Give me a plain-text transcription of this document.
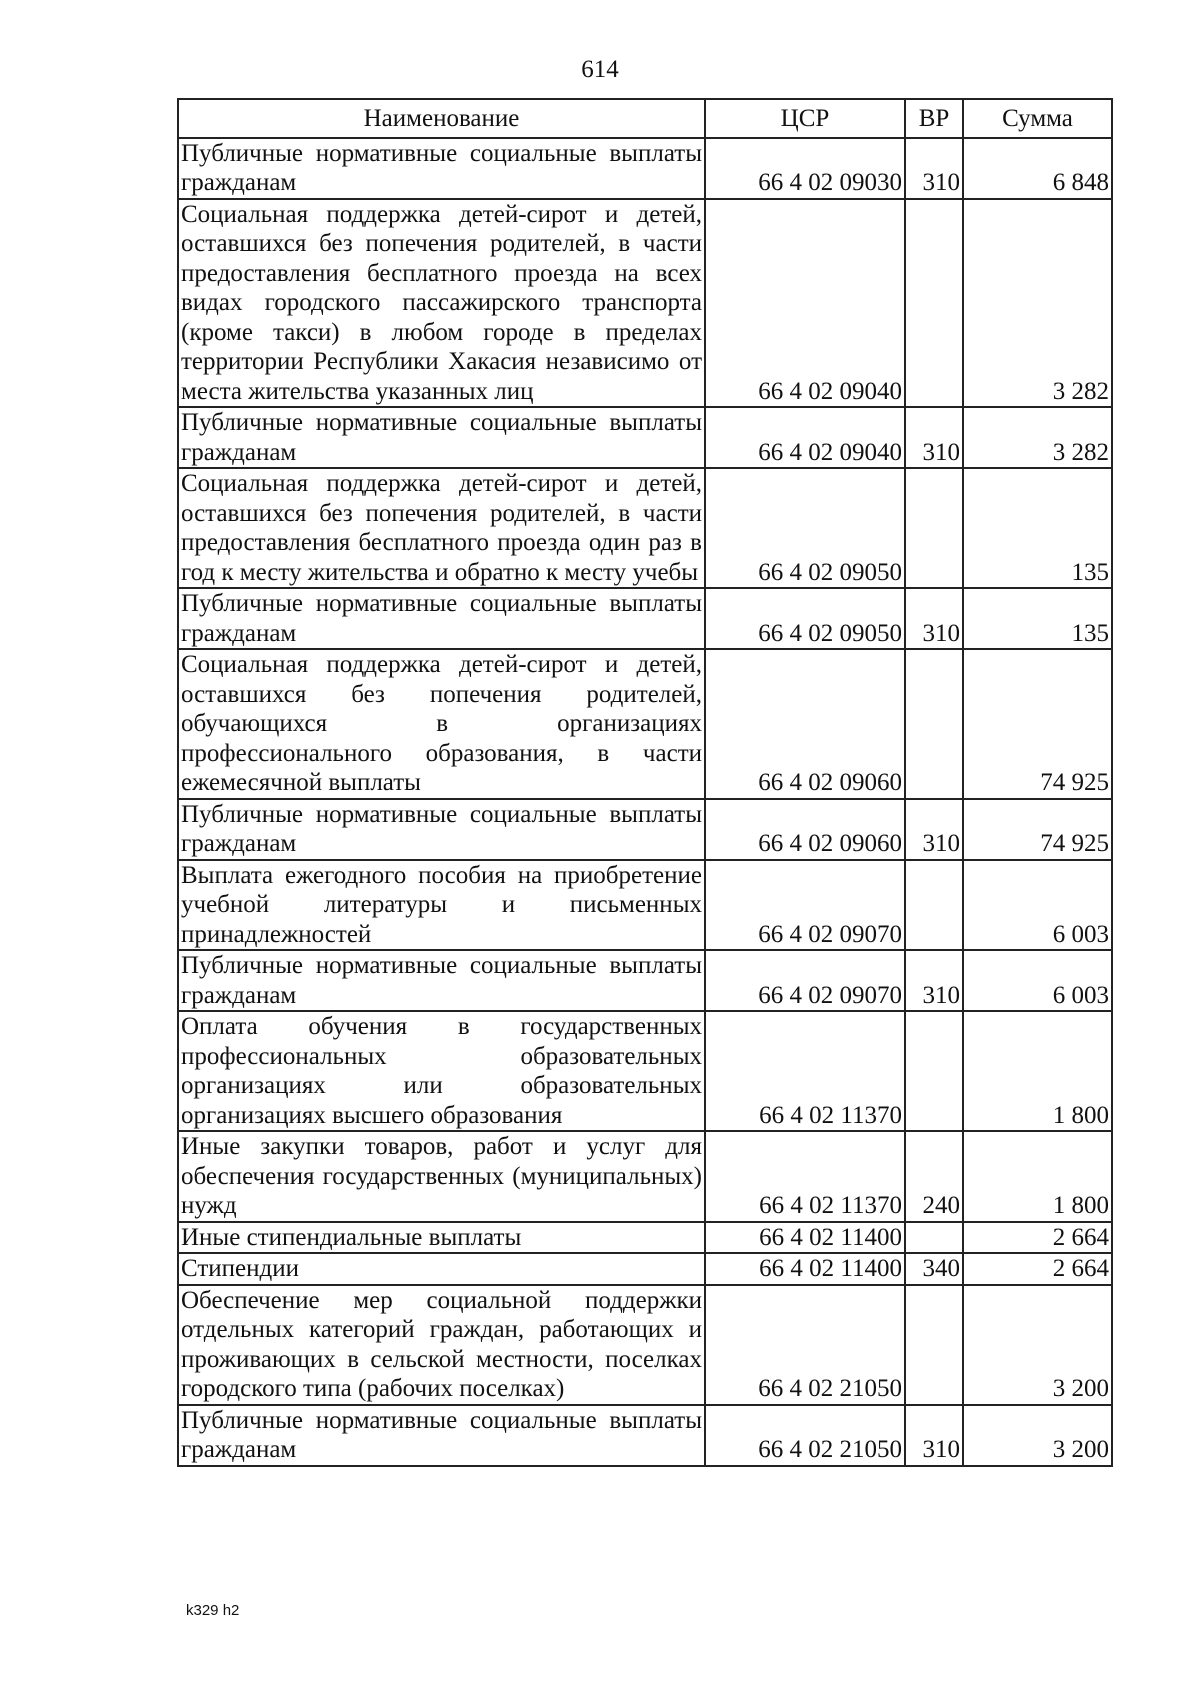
614
Наименование	ЦСР	ВР	Сумма
Публичные нормативные социальные выплаты гражданам	66 4 02 09030	310	6 848
Социальная поддержка детей-сирот и детей, оставшихся без попечения родителей, в части предоставления бесплатного проезда на всех видах городского пассажирского транспорта (кроме такси) в любом городе в пределах территории Республики Хакасия независимо от места жительства указанных лиц	66 4 02 09040		3 282
Публичные нормативные социальные выплаты гражданам	66 4 02 09040	310	3 282
Социальная поддержка детей-сирот и детей, оставшихся без попечения родителей, в части предоставления бесплатного проезда один раз в год к месту жительства и обратно к месту учебы	66 4 02 09050		135
Публичные нормативные социальные выплаты гражданам	66 4 02 09050	310	135
Социальная поддержка детей-сирот и детей, оставшихся без попечения родителей, обучающихся в организациях профессионального образования, в части ежемесячной выплаты	66 4 02 09060		74 925
Публичные нормативные социальные выплаты гражданам	66 4 02 09060	310	74 925
Выплата ежегодного пособия на приобретение учебной литературы и письменных принадлежностей	66 4 02 09070		6 003
Публичные нормативные социальные выплаты гражданам	66 4 02 09070	310	6 003
Оплата обучения в государственных профессиональных образовательных организациях или образовательных организациях высшего образования	66 4 02 11370		1 800
Иные закупки товаров, работ и услуг для обеспечения государственных (муниципальных) нужд	66 4 02 11370	240	1 800
Иные стипендиальные выплаты	66 4 02 11400		2 664
Стипендии	66 4 02 11400	340	2 664
Обеспечение мер социальной поддержки отдельных категорий граждан, работающих и проживающих в сельской местности, поселках городского типа (рабочих поселках)	66 4 02 21050		3 200
Публичные нормативные социальные выплаты гражданам	66 4 02 21050	310	3 200
k329 h2
